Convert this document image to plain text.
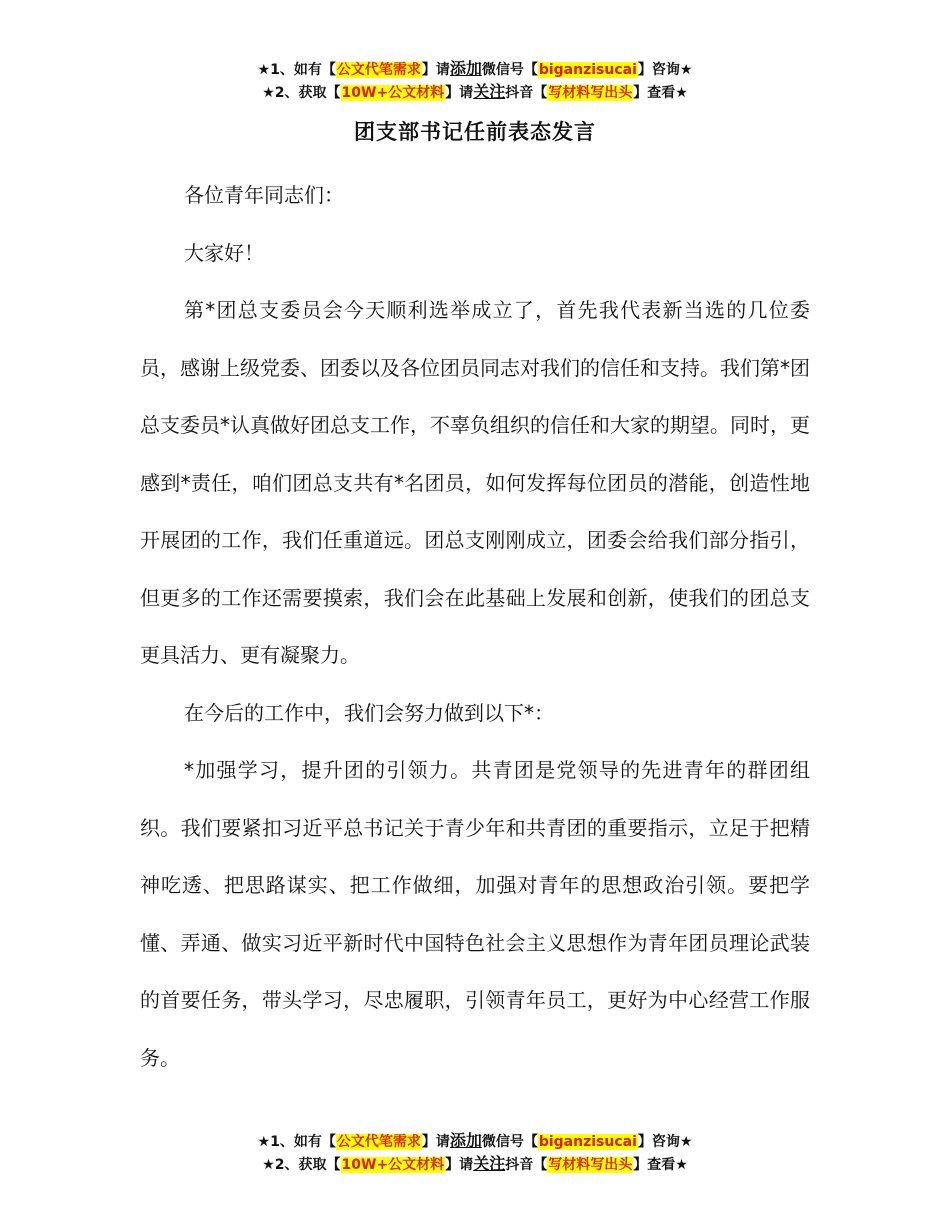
★1、如有【公文代笔需求】请添加微信号【biganzisucai】咨询★
★2、获取【10W+公文材料】请关注抖音【写材料写出头】查看★
团支部书记任前表态发言

各位青年同志们：

大家好！

第*团总支委员会今天顺利选举成立了，首先我代表新当选的几位委员，感谢上级党委、团委以及各位团员同志对我们的信任和支持。我们第*团总支委员*认真做好团总支工作，不辜负组织的信任和大家的期望。同时，更感到*责任，咱们团总支共有*名团员，如何发挥每位团员的潜能，创造性地开展团的工作，我们任重道远。团总支刚刚成立，团委会给我们部分指引，但更多的工作还需要摸索，我们会在此基础上发展和创新，使我们的团总支更具活力、更有凝聚力。

在今后的工作中，我们会努力做到以下*：

*加强学习，提升团的引领力。共青团是党领导的先进青年的群团组织。我们要紧扣习近平总书记关于青少年和共青团的重要指示，立足于把精神吃透、把思路谋实、把工作做细，加强对青年的思想政治引领。要把学懂、弄通、做实习近平新时代中国特色社会主义思想作为青年团员理论武装的首要任务，带头学习，尽忠履职，引领青年员工，更好为中心经营工作服务。

★1、如有【公文代笔需求】请添加微信号【biganzisucai】咨询★
★2、获取【10W+公文材料】请关注抖音【写材料写出头】查看★
